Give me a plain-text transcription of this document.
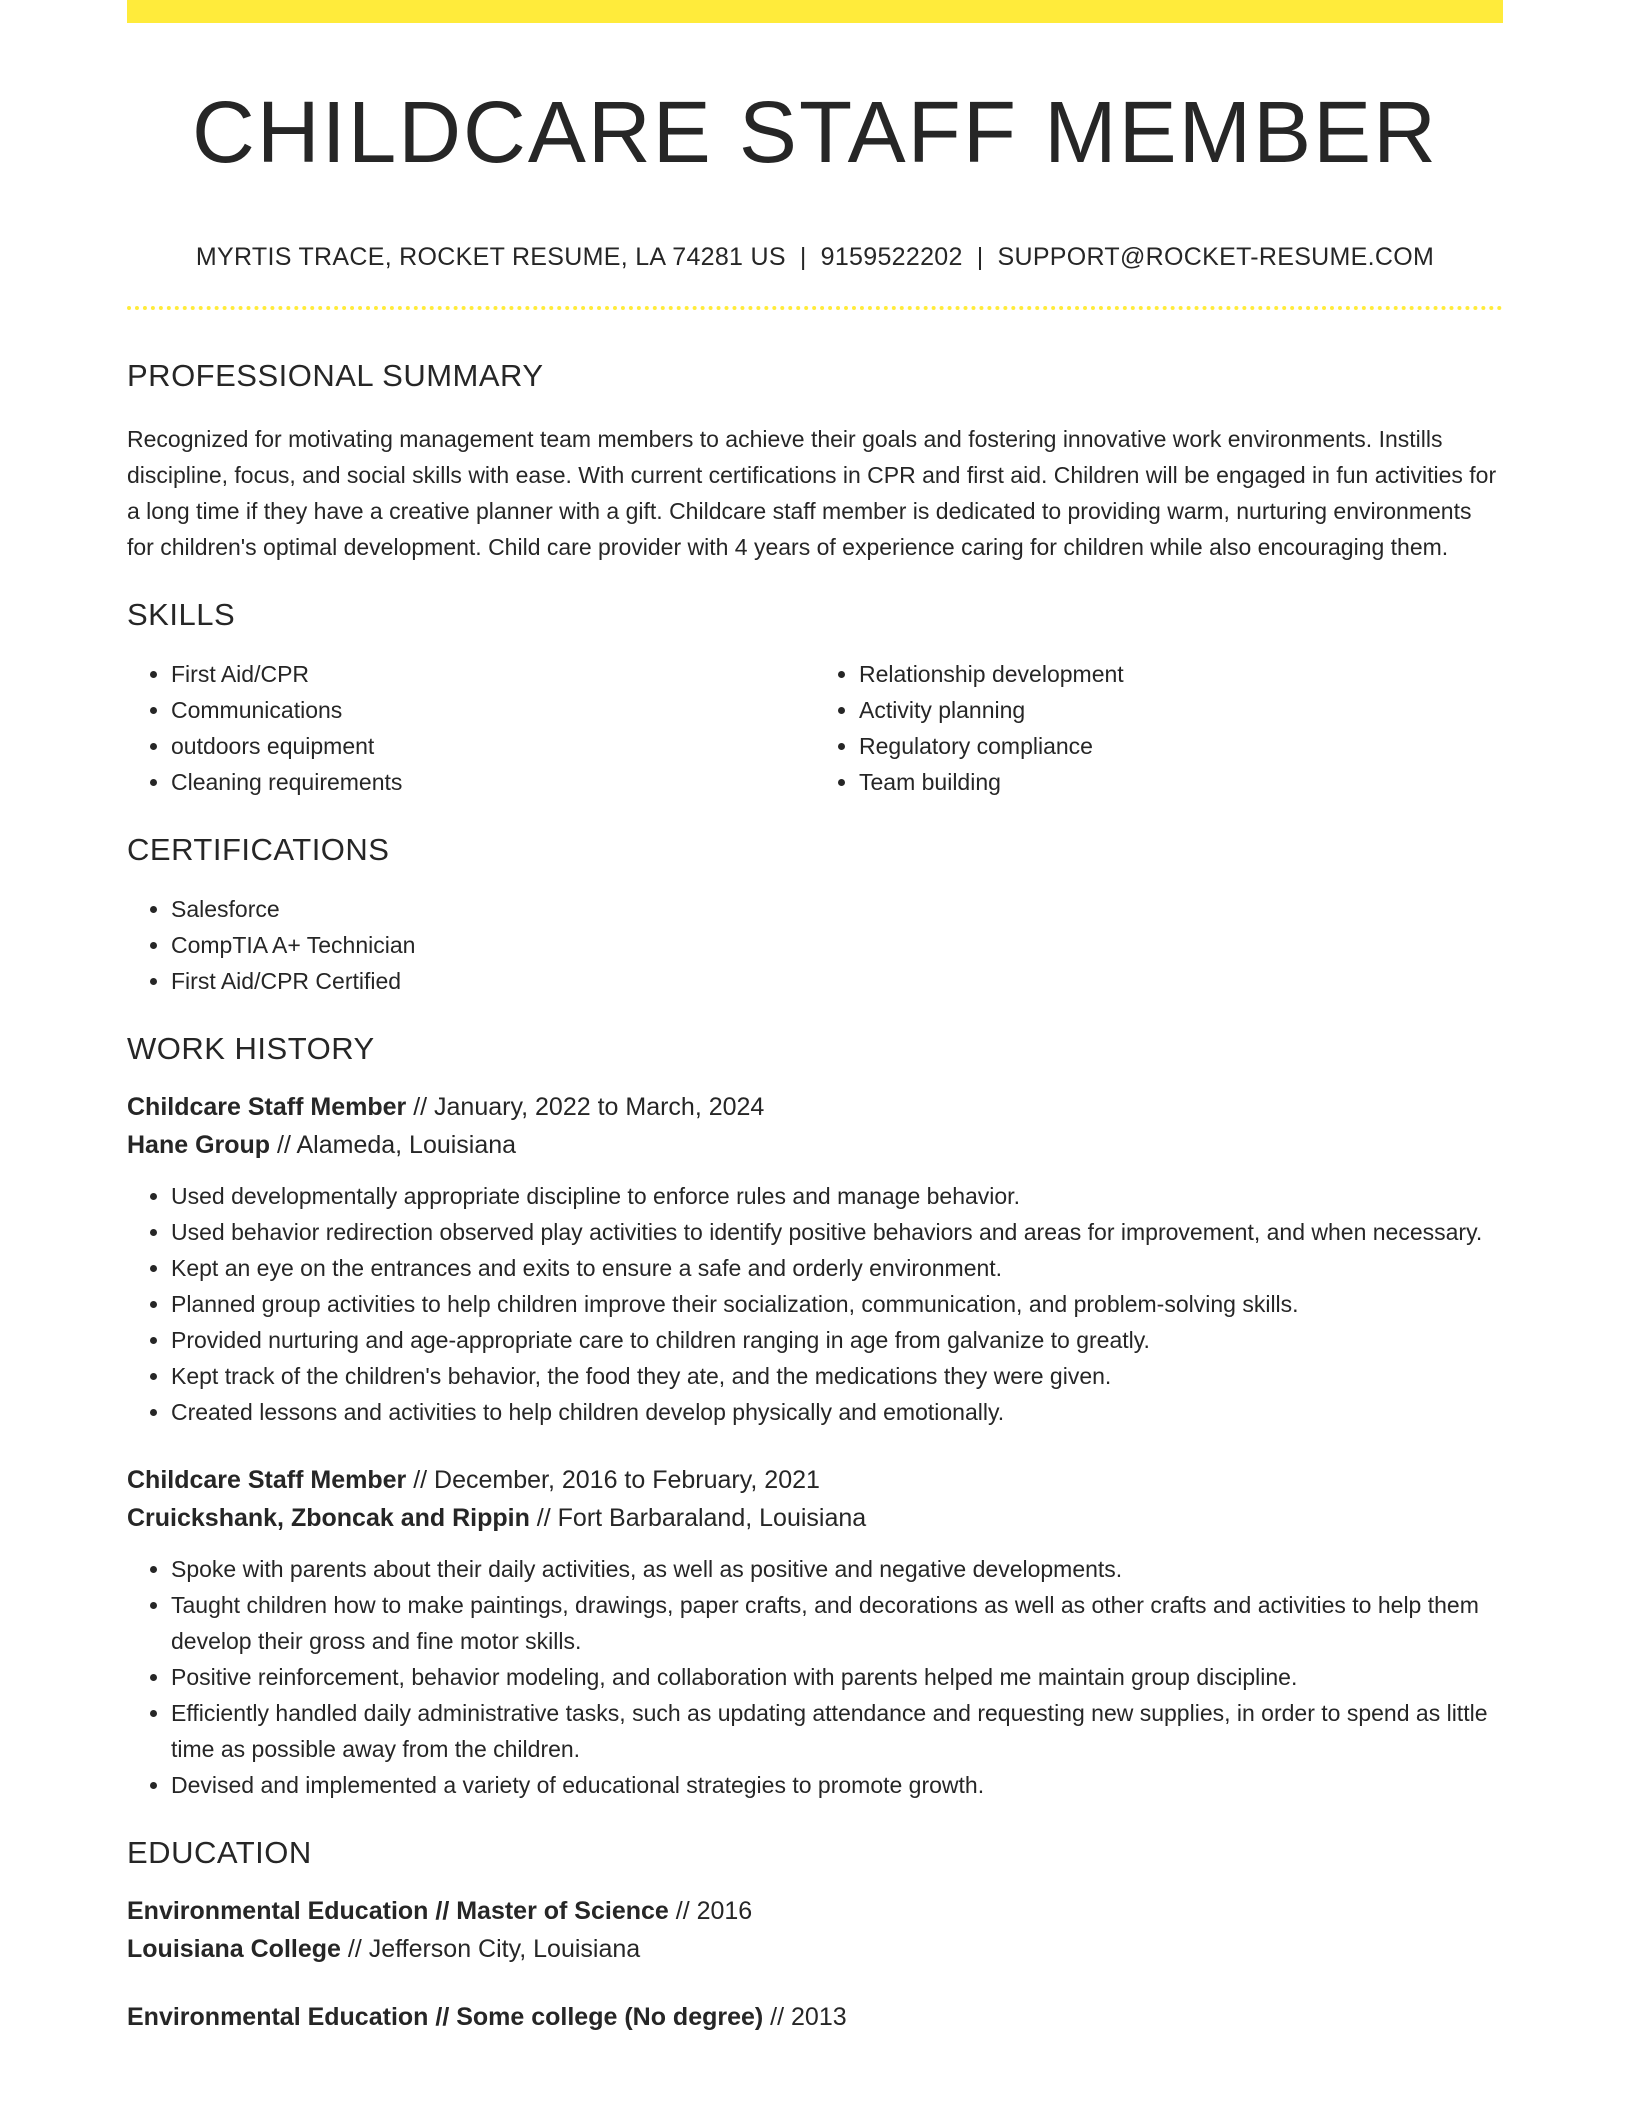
CHILDCARE STAFF MEMBER
MYRTIS TRACE, ROCKET RESUME, LA 74281 US | 9159522202 | SUPPORT@ROCKET-RESUME.COM
PROFESSIONAL SUMMARY

Recognized for motivating management team members to achieve their goals and fostering innovative work environments. Instills discipline, focus, and social skills with ease. With current certifications in CPR and first aid. Children will be engaged in fun activities for a long time if they have a creative planner with a gift. Childcare staff member is dedicated to providing warm, nurturing environments for children's optimal development. Child care provider with 4 years of experience caring for children while also encouraging them.

SKILLS
• First Aid/CPR
• Communications
• outdoors equipment
• Cleaning requirements
• Relationship development
• Activity planning
• Regulatory compliance
• Team building
CERTIFICATIONS
• Salesforce
• CompTIA A+ Technician
• First Aid/CPR Certified
WORK HISTORY
Childcare Staff Member // January, 2022 to March, 2024
Hane Group // Alameda, Louisiana
• Used developmentally appropriate discipline to enforce rules and manage behavior.
• Used behavior redirection observed play activities to identify positive behaviors and areas for improvement, and when necessary.
• Kept an eye on the entrances and exits to ensure a safe and orderly environment.
• Planned group activities to help children improve their socialization, communication, and problem-solving skills.
• Provided nurturing and age-appropriate care to children ranging in age from galvanize to greatly.
• Kept track of the children's behavior, the food they ate, and the medications they were given.
• Created lessons and activities to help children develop physically and emotionally.
Childcare Staff Member // December, 2016 to February, 2021
Cruickshank, Zboncak and Rippin // Fort Barbaraland, Louisiana
• Spoke with parents about their daily activities, as well as positive and negative developments.
• Taught children how to make paintings, drawings, paper crafts, and decorations as well as other crafts and activities to help them develop their gross and fine motor skills.
• Positive reinforcement, behavior modeling, and collaboration with parents helped me maintain group discipline.
• Efficiently handled daily administrative tasks, such as updating attendance and requesting new supplies, in order to spend as little time as possible away from the children.
• Devised and implemented a variety of educational strategies to promote growth.
EDUCATION
Environmental Education // Master of Science // 2016
Louisiana College // Jefferson City, Louisiana
Environmental Education // Some college (No degree) // 2013
